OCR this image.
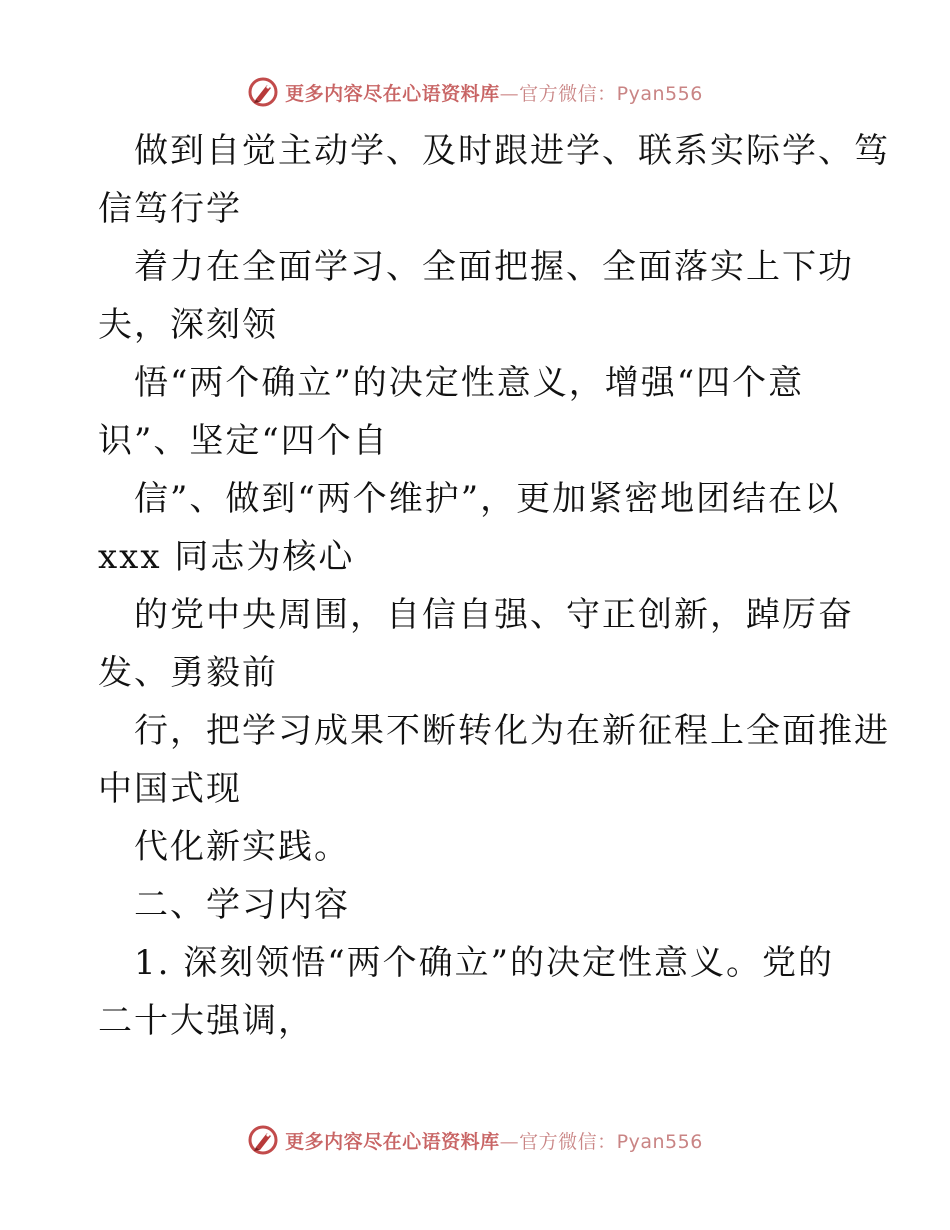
更多内容尽在心语资料库—官方微信：Pyan556
做到自觉主动学、及时跟进学、联系实际学、笃
信笃行学
着力在全面学习、全面把握、全面落实上下功
夫，深刻领
悟“两个确立”的决定性意义，增强“四个意
识”、坚定“四个自
信”、做到“两个维护”，更加紧密地团结在以
xxx 同志为核心
的党中央周围，自信自强、守正创新，踔厉奋
发、勇毅前
行，把学习成果不断转化为在新征程上全面推进
中国式现
代化新实践。
二、学习内容
1. 深刻领悟“两个确立”的决定性意义。党的
二十大强调，
更多内容尽在心语资料库—官方微信：Pyan556
